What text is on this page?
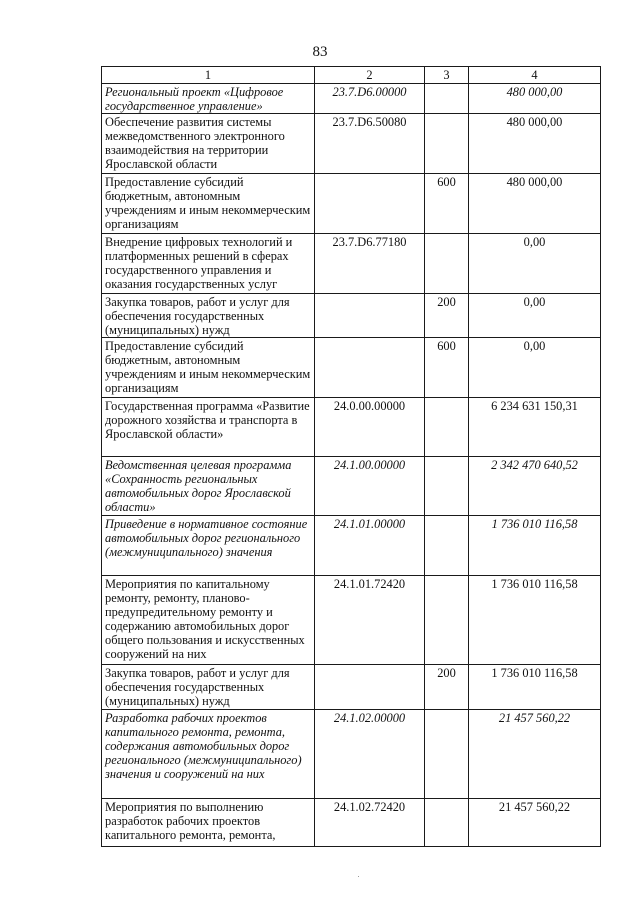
83
1	2	3	4
Региональный проект «Цифровое государственное управление»	23.7.D6.00000		480 000,00
Обеспечение развития системы межведомственного электронного взаимодействия на территории Ярославской области	23.7.D6.50080		480 000,00
Предоставление субсидий бюджетным, автономным учреждениям и иным некоммерческим организациям		600	480 000,00
Внедрение цифровых технологий и платформенных решений в сферах государственного управления и оказания государственных услуг	23.7.D6.77180		0,00
Закупка товаров, работ и услуг для обеспечения государственных (муниципальных) нужд		200	0,00
Предоставление субсидий бюджетным, автономным учреждениям и иным некоммерческим организациям		600	0,00
Государственная программа «Развитие дорожного хозяйства и транспорта в Ярославской области»	24.0.00.00000		6 234 631 150,31
Ведомственная целевая программа «Сохранность региональных автомобильных дорог Ярославской области»	24.1.00.00000		2 342 470 640,52
Приведение в нормативное состояние автомобильных дорог регионального (межмуниципального) значения	24.1.01.00000		1 736 010 116,58
Мероприятия по капитальному ремонту, ремонту, планово-предупредительному ремонту и содержанию автомобильных дорог общего пользования и искусственных сооружений на них	24.1.01.72420		1 736 010 116,58
Закупка товаров, работ и услуг для обеспечения государственных (муниципальных) нужд		200	1 736 010 116,58
Разработка рабочих проектов капитального ремонта, ремонта, содержания автомобильных дорог регионального (межмуниципального) значения и сооружений на них	24.1.02.00000		21 457 560,22
Мероприятия по выполнению разработок рабочих проектов капитального ремонта, ремонта,	24.1.02.72420		21 457 560,22
